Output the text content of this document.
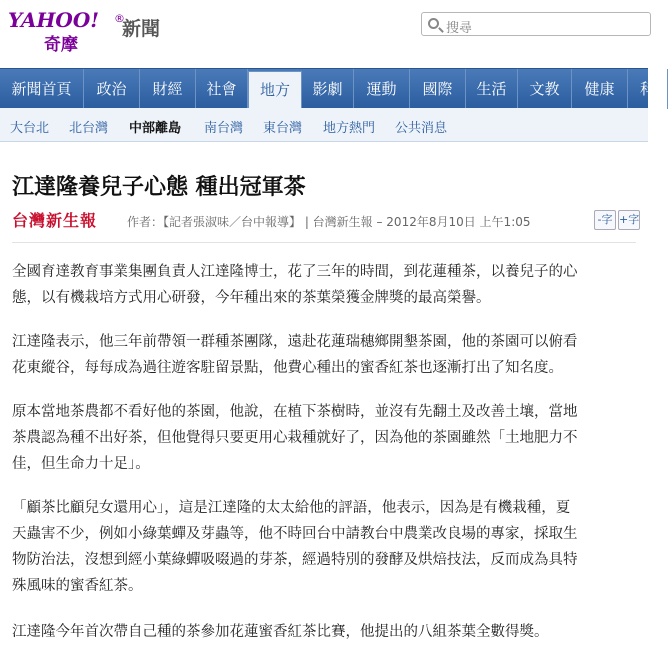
YAHOO! ®
奇摩
新聞	搜尋
新聞首頁	政治	財經	社會	地方	影劇	運動	國際	生活	文教	健康	科
大台北 北台灣 中部離島 南台灣 東台灣 地方熱門 公共消息
江達隆養兒子心態 種出冠軍茶
台灣新生報 作者：【記者張淑味／台中報導】 | 台灣新生報 – 2012年8月10日 上午1:05	-字 +字
全國育達教育事業集團負責人江達隆博士，花了三年的時間，到花蓮種茶，以養兒子的心
態，以有機栽培方式用心研發，今年種出來的茶葉榮獲金牌獎的最高榮譽。
江達隆表示，他三年前帶領一群種茶團隊，遠赴花蓮瑞穗鄉開墾茶園，他的茶園可以俯看
花東縱谷，每每成為過往遊客駐留景點，他費心種出的蜜香紅茶也逐漸打出了知名度。
原本當地茶農都不看好他的茶園，他說，在植下茶樹時，並沒有先翻土及改善土壤，當地
茶農認為種不出好茶，但他覺得只要更用心栽種就好了，因為他的茶園雖然「土地肥力不
佳，但生命力十足」。
「顧茶比顧兒女還用心」，這是江達隆的太太給他的評語，他表示，因為是有機栽種，夏
天蟲害不少，例如小綠葉蟬及芽蟲等，他不時回台中請教台中農業改良場的專家，採取生
物防治法，沒想到經小葉綠蟬吸啜過的芽茶，經過特別的發酵及烘焙技法，反而成為具特
殊風味的蜜香紅茶。
江達隆今年首次帶自己種的茶參加花蓮蜜香紅茶比賽，他提出的八組茶葉全數得獎。
